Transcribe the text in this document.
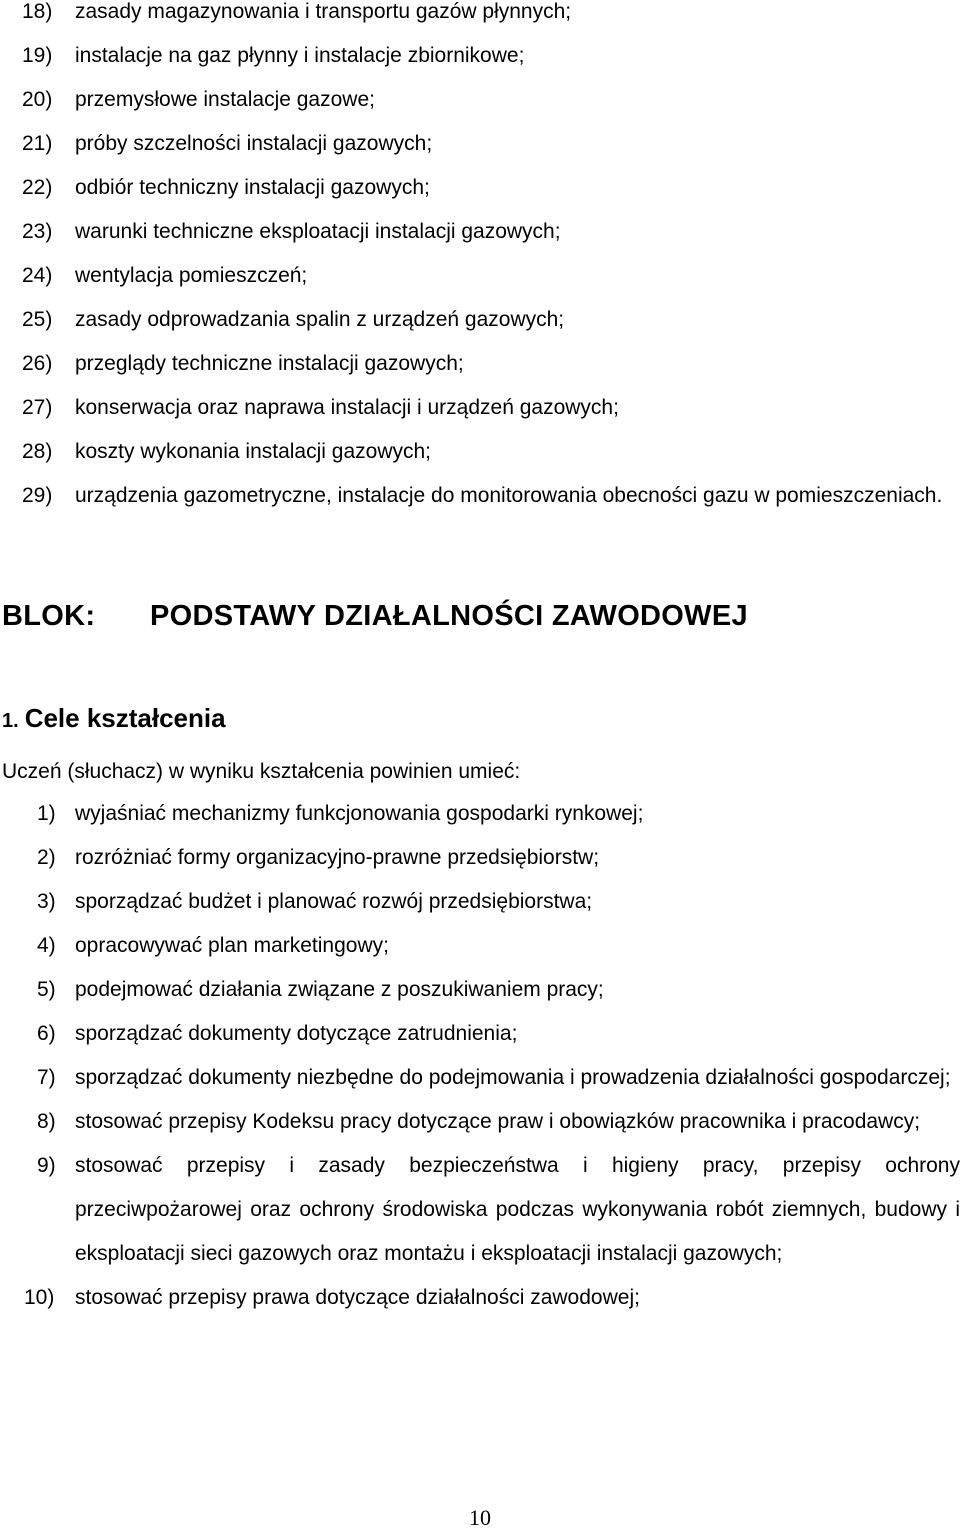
18)	zasady magazynowania i transportu gazów płynnych;
19)	instalacje na gaz płynny i instalacje zbiornikowe;
20)	przemysłowe instalacje gazowe;
21)	próby szczelności instalacji gazowych;
22)	odbiór techniczny instalacji gazowych;
23)	warunki techniczne eksploatacji instalacji gazowych;
24)	wentylacja pomieszczeń;
25)	zasady odprowadzania spalin z urządzeń gazowych;
26)	przeglądy techniczne instalacji gazowych;
27)	konserwacja oraz naprawa instalacji i urządzeń gazowych;
28)	koszty wykonania instalacji gazowych;
29)	urządzenia gazometryczne, instalacje do monitorowania obecności gazu w pomieszczeniach.
BLOK: PODSTAWY DZIAŁALNOŚCI ZAWODOWEJ
1. Cele kształcenia
Uczeń (słuchacz) w wyniku kształcenia powinien umieć:
1) wyjaśniać mechanizmy funkcjonowania gospodarki rynkowej;
2) rozróżniać formy organizacyjno-prawne przedsiębiorstw;
3) sporządzać budżet i planować rozwój przedsiębiorstwa;
4) opracowywać plan marketingowy;
5) podejmować działania związane z poszukiwaniem pracy;
6) sporządzać dokumenty dotyczące zatrudnienia;
7) sporządzać dokumenty niezbędne do podejmowania i prowadzenia działalności gospodarczej;
8) stosować przepisy Kodeksu pracy dotyczące praw i obowiązków pracownika i pracodawcy;
9) stosować przepisy i zasady bezpieczeństwa i higieny pracy, przepisy ochrony przeciwpożarowej oraz ochrony środowiska podczas wykonywania robót ziemnych, budowy i eksploatacji sieci gazowych oraz montażu i eksploatacji instalacji gazowych;
10) stosować przepisy prawa dotyczące działalności zawodowej;
10
